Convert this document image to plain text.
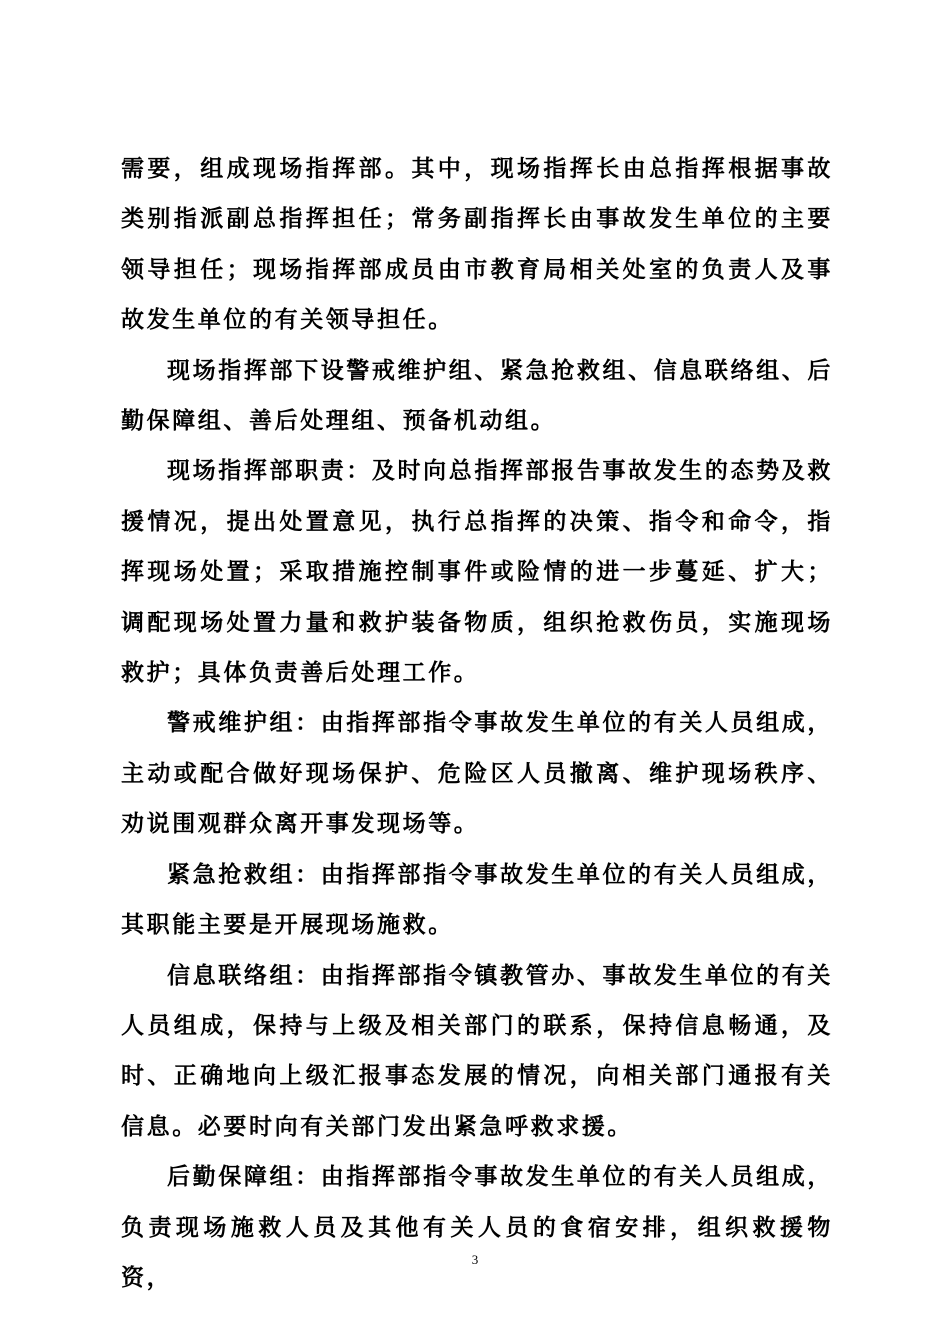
需要，组成现场指挥部。其中，现场指挥长由总指挥根据事故类别指派副总指挥担任；常务副指挥长由事故发生单位的主要领导担任；现场指挥部成员由市教育局相关处室的负责人及事故发生单位的有关领导担任。

现场指挥部下设警戒维护组、紧急抢救组、信息联络组、后勤保障组、善后处理组、预备机动组。

现场指挥部职责：及时向总指挥部报告事故发生的态势及救援情况，提出处置意见，执行总指挥的决策、指令和命令，指挥现场处置；采取措施控制事件或险情的进一步蔓延、扩大；调配现场处置力量和救护装备物质，组织抢救伤员，实施现场救护；具体负责善后处理工作。

警戒维护组：由指挥部指令事故发生单位的有关人员组成，主动或配合做好现场保护、危险区人员撤离、维护现场秩序、劝说围观群众离开事发现场等。

紧急抢救组：由指挥部指令事故发生单位的有关人员组成，其职能主要是开展现场施救。

信息联络组：由指挥部指令镇教管办、事故发生单位的有关人员组成，保持与上级及相关部门的联系，保持信息畅通，及时、正确地向上级汇报事态发展的情况，向相关部门通报有关信息。必要时向有关部门发出紧急呼救求援。

后勤保障组：由指挥部指令事故发生单位的有关人员组成，负责现场施救人员及其他有关人员的食宿安排，组织救援物资，

3
